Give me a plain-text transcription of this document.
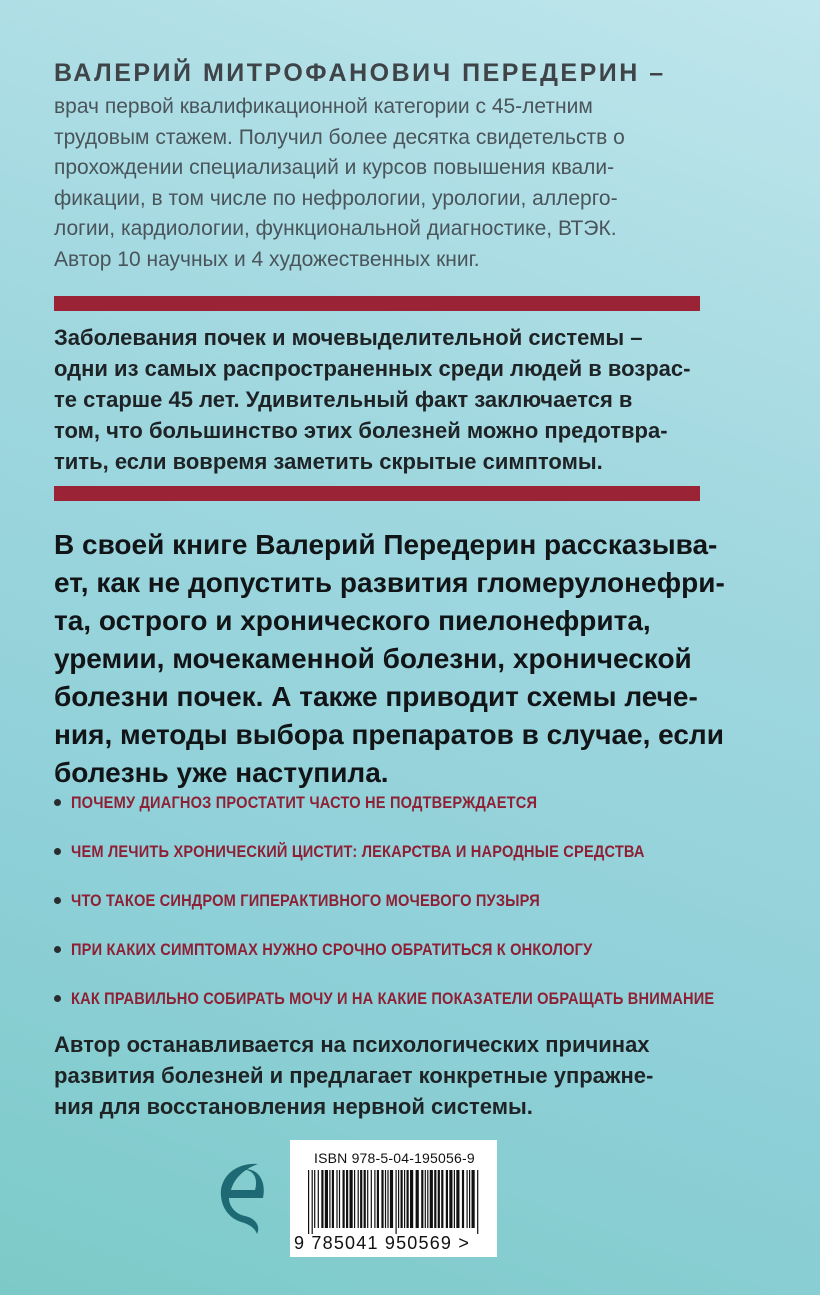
ВАЛЕРИЙ МИТРОФАНОВИЧ ПЕРЕДЕРИН –
врач первой квалификационной категории с 45-летним
трудовым стажем. Получил более десятка свидетельств о
прохождении специализаций и курсов повышения квали-
фикации, в том числе по нефрологии, урологии, аллерго-
логии, кардиологии, функциональной диагностике, ВТЭК.
Автор 10 научных и 4 художественных книг.
Заболевания почек и мочевыделительной системы –
одни из самых распространенных среди людей в возрас-
те старше 45 лет. Удивительный факт заключается в
том, что большинство этих болезней можно предотвра-
тить, если вовремя заметить скрытые симптомы.
В своей книге Валерий Передерин рассказыва-
ет, как не допустить развития гломерулонефри-
та, острого и хронического пиелонефрита,
уремии, мочекаменной болезни, хронической
болезни почек. А также приводит схемы лече-
ния, методы выбора препаратов в случае, если
болезнь уже наступила.
ПОЧЕМУ ДИАГНОЗ ПРОСТАТИТ ЧАСТО НЕ ПОДТВЕРЖДАЕТСЯ
ЧЕМ ЛЕЧИТЬ ХРОНИЧЕСКИЙ ЦИСТИТ: ЛЕКАРСТВА И НАРОДНЫЕ СРЕДСТВА
ЧТО ТАКОЕ СИНДРОМ ГИПЕРАКТИВНОГО МОЧЕВОГО ПУЗЫРЯ
ПРИ КАКИХ СИМПТОМАХ НУЖНО СРОЧНО ОБРАТИТЬСЯ К ОНКОЛОГУ
КАК ПРАВИЛЬНО СОБИРАТЬ МОЧУ И НА КАКИЕ ПОКАЗАТЕЛИ ОБРАЩАТЬ ВНИМАНИЕ
Автор останавливается на психологических причинах
развития болезней и предлагает конкретные упражне-
ния для восстановления нервной системы.
ISBN 978-5-04-195056-9
9 785041 950569 >
